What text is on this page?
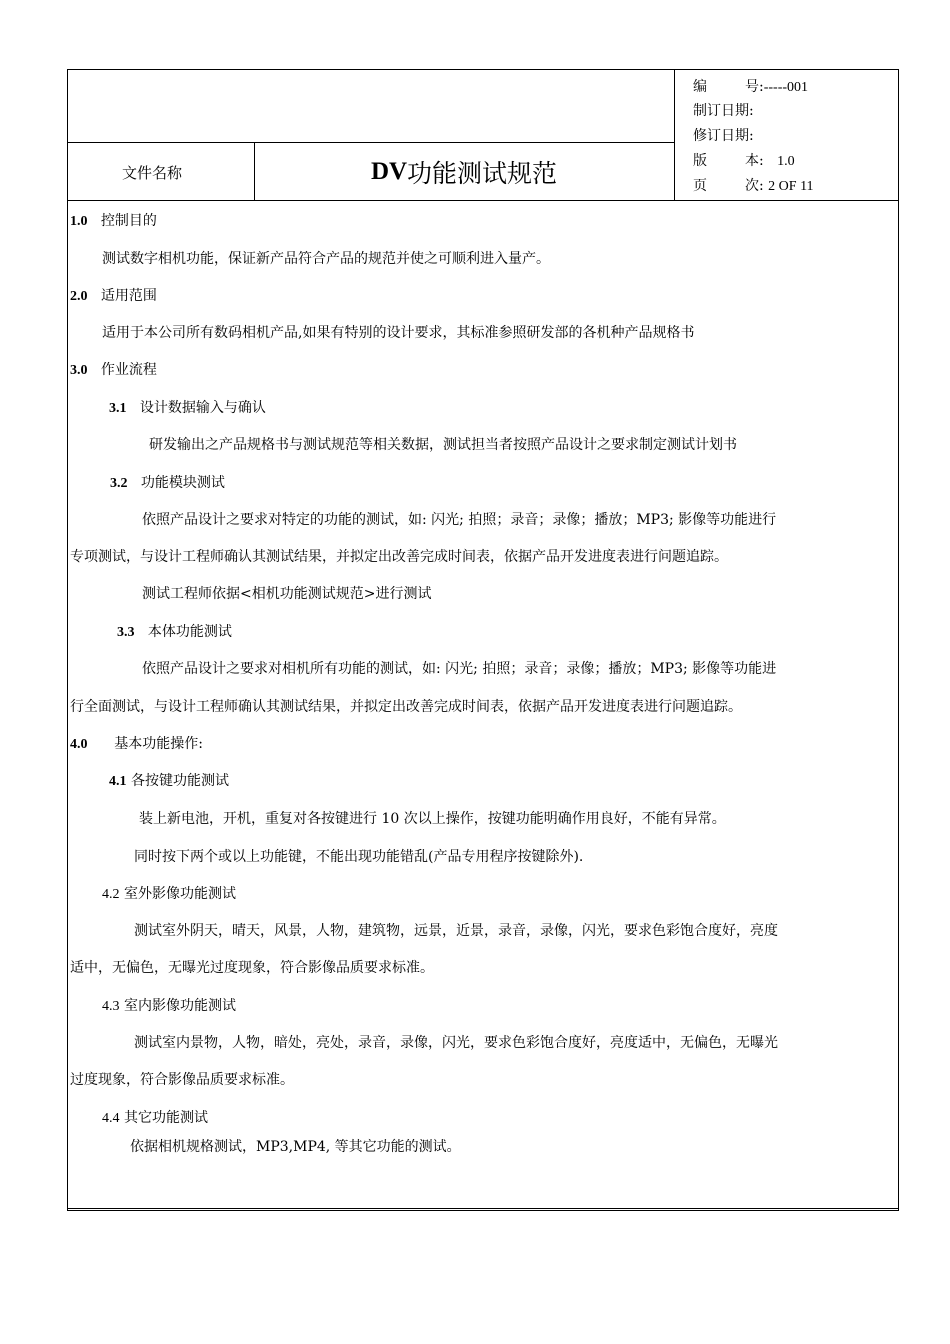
文件名称	DV 功能测试规范
编	号:-----001
制订日期:
修订日期:
版	本: 1.0
页	次: 2 OF 11
1.0 控制目的
测试数字相机功能，保证新产品符合产品的规范并使之可顺利进入量产。
2.0 适用范围
适用于本公司所有数码相机产品,如果有特别的设计要求，其标准参照研发部的各机种产品规格书
3.0 作业流程
3.1 设计数据输入与确认
研发输出之产品规格书与测试规范等相关数据，测试担当者按照产品设计之要求制定测试计划书
3.2 功能模块测试
依照产品设计之要求对特定的功能的测试，如: 闪光; 拍照；录音；录像；播放；MP3; 影像等功能进行
专项测试，与设计工程师确认其测试结果，并拟定出改善完成时间表，依据产品开发进度表进行问题追踪。
测试工程师依据<相机功能测试规范>进行测试
3.3 本体功能测试
依照产品设计之要求对相机所有功能的测试，如: 闪光; 拍照；录音；录像；播放；MP3; 影像等功能进
行全面测试，与设计工程师确认其测试结果，并拟定出改善完成时间表，依据产品开发进度表进行问题追踪。
4.0 基本功能操作:
4.1 各按键功能测试
装上新电池，开机，重复对各按键进行 10 次以上操作，按键功能明确作用良好，不能有异常。
同时按下两个或以上功能键，不能出现功能错乱(产品专用程序按键除外).
4.2 室外影像功能测试
测试室外阴天，晴天，风景，人物，建筑物，远景，近景，录音，录像，闪光，要求色彩饱合度好，亮度
适中，无偏色，无曝光过度现象，符合影像品质要求标准。
4.3 室内影像功能测试
测试室内景物，人物，暗处，亮处，录音，录像，闪光，要求色彩饱合度好，亮度适中，无偏色，无曝光
过度现象，符合影像品质要求标准。
4.4 其它功能测试
依据相机规格测试，MP3,MP4, 等其它功能的测试。
